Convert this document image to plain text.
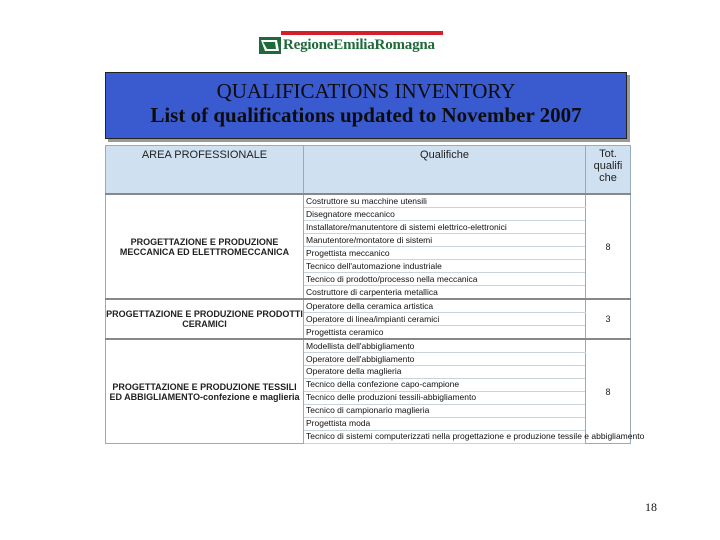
RegioneEmiliaRomagna
QUALIFICATIONS INVENTORY
List of qualifications updated to November 2007
AREA PROFESSIONALE	Qualifiche	Tot. qualifi che
PROGETTAZIONE E PRODUZIONE MECCANICA ED ELETTROMECCANICA	Costruttore su macchine utensili	8
	Disegnatore meccanico	
	Installatore/manutentore di sistemi elettrico-elettronici	
	Manutentore/montatore di sistemi	
	Progettista meccanico	
	Tecnico dell'automazione industriale	
	Tecnico di prodotto/processo nella meccanica	
	Costruttore di carpenteria metallica	
PROGETTAZIONE E PRODUZIONE PRODOTTI CERAMICI	Operatore della ceramica artistica	3
	Operatore di linea/impianti ceramici	
	Progettista ceramico	
PROGETTAZIONE E PRODUZIONE TESSILI ED ABBIGLIAMENTO-confezione e maglieria	Modellista dell'abbigliamento	8
	Operatore dell'abbigliamento	
	Operatore della maglieria	
	Tecnico della confezione capo-campione	
	Tecnico delle produzioni tessili-abbigliamento	
	Tecnico di campionario maglieria	
	Progettista moda	
	Tecnico di sistemi computerizzati nella progettazione e produzione tessile e abbigliamento	
18
